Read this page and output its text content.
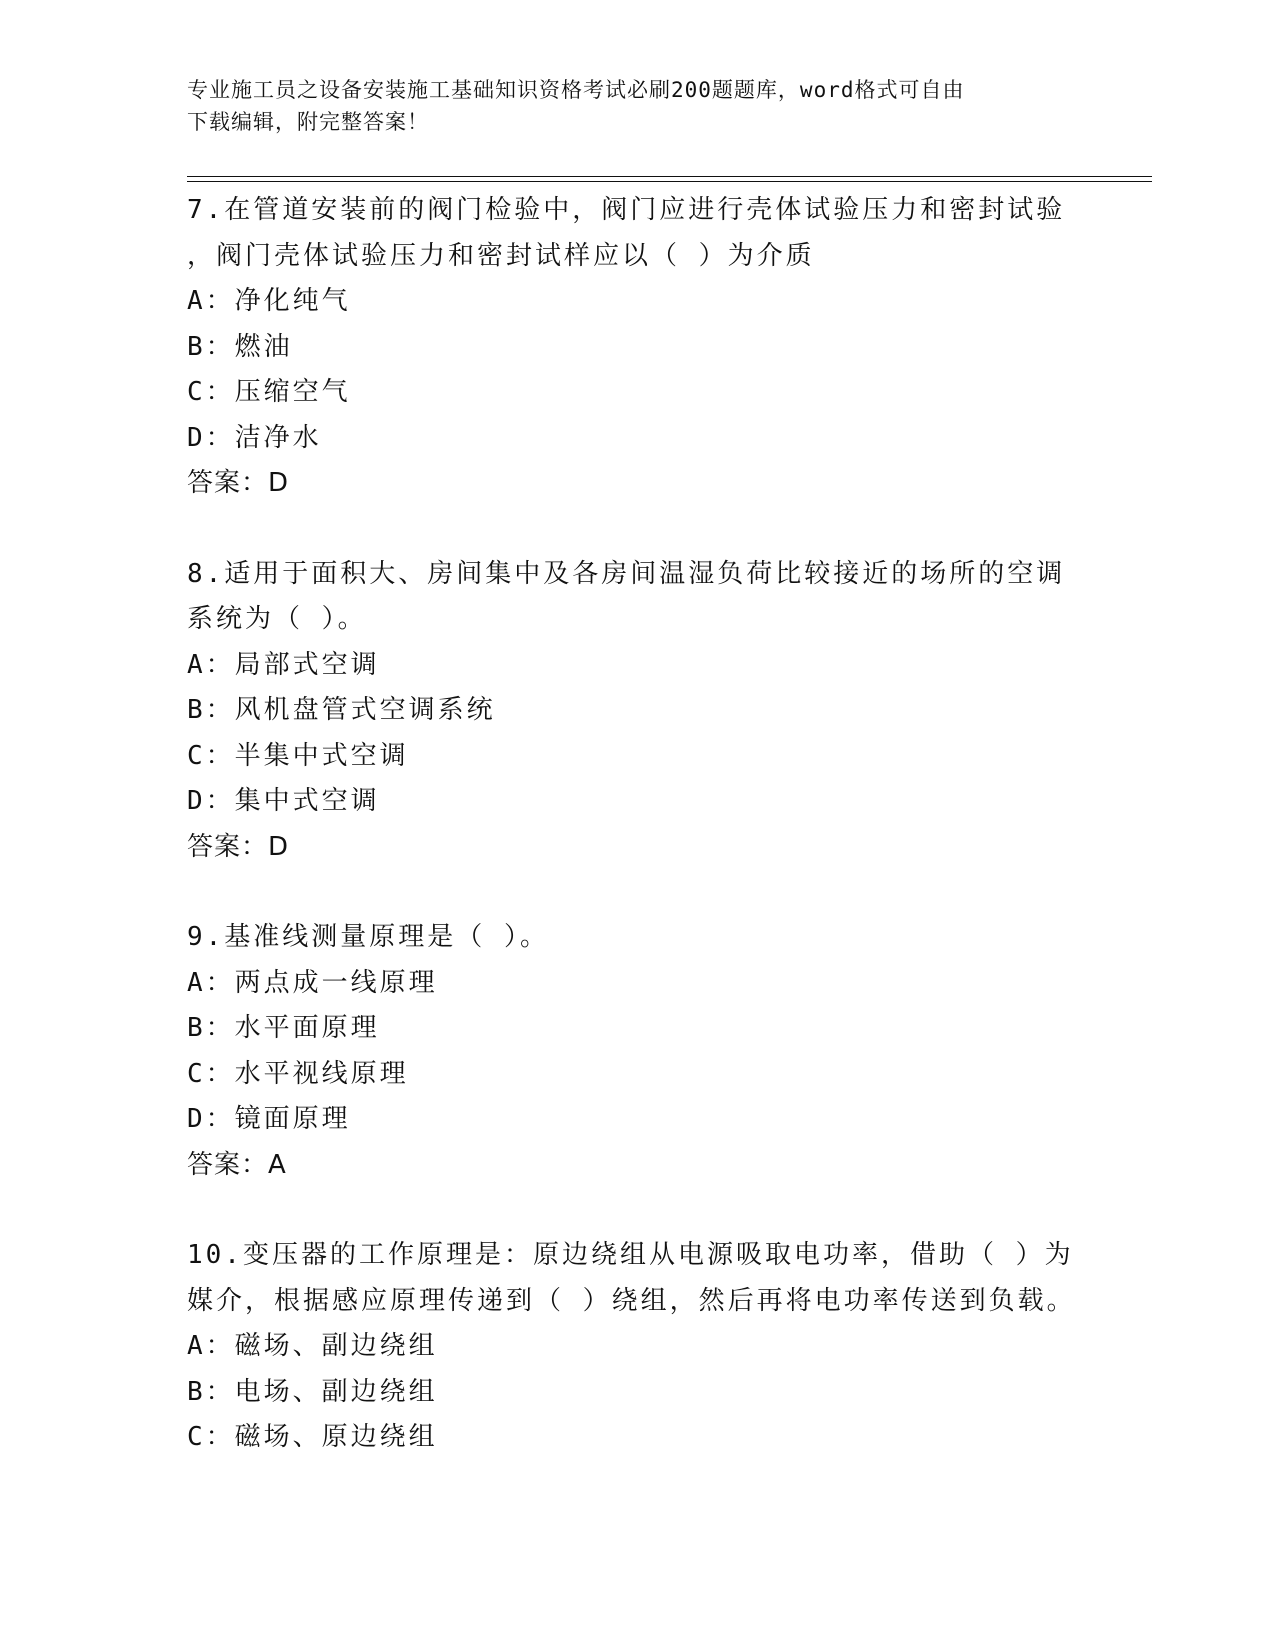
专业施工员之设备安装施工基础知识资格考试必刷200题题库，word格式可自由
下载编辑，附完整答案！
7.在管道安装前的阀门检验中，阀门应进行壳体试验压力和密封试验
，阀门壳体试验压力和密封试样应以（ ）为介质
A：净化纯气
B：燃油
C：压缩空气
D：洁净水
答案：D
8.适用于面积大、房间集中及各房间温湿负荷比较接近的场所的空调
系统为（ ）。
A：局部式空调
B：风机盘管式空调系统
C：半集中式空调
D：集中式空调
答案：D
9.基准线测量原理是（ ）。
A：两点成一线原理
B：水平面原理
C：水平视线原理
D：镜面原理
答案：A
10.变压器的工作原理是：原边绕组从电源吸取电功率，借助（ ）为
媒介，根据感应原理传递到（ ）绕组，然后再将电功率传送到负载。
A：磁场、副边绕组
B：电场、副边绕组
C：磁场、原边绕组
